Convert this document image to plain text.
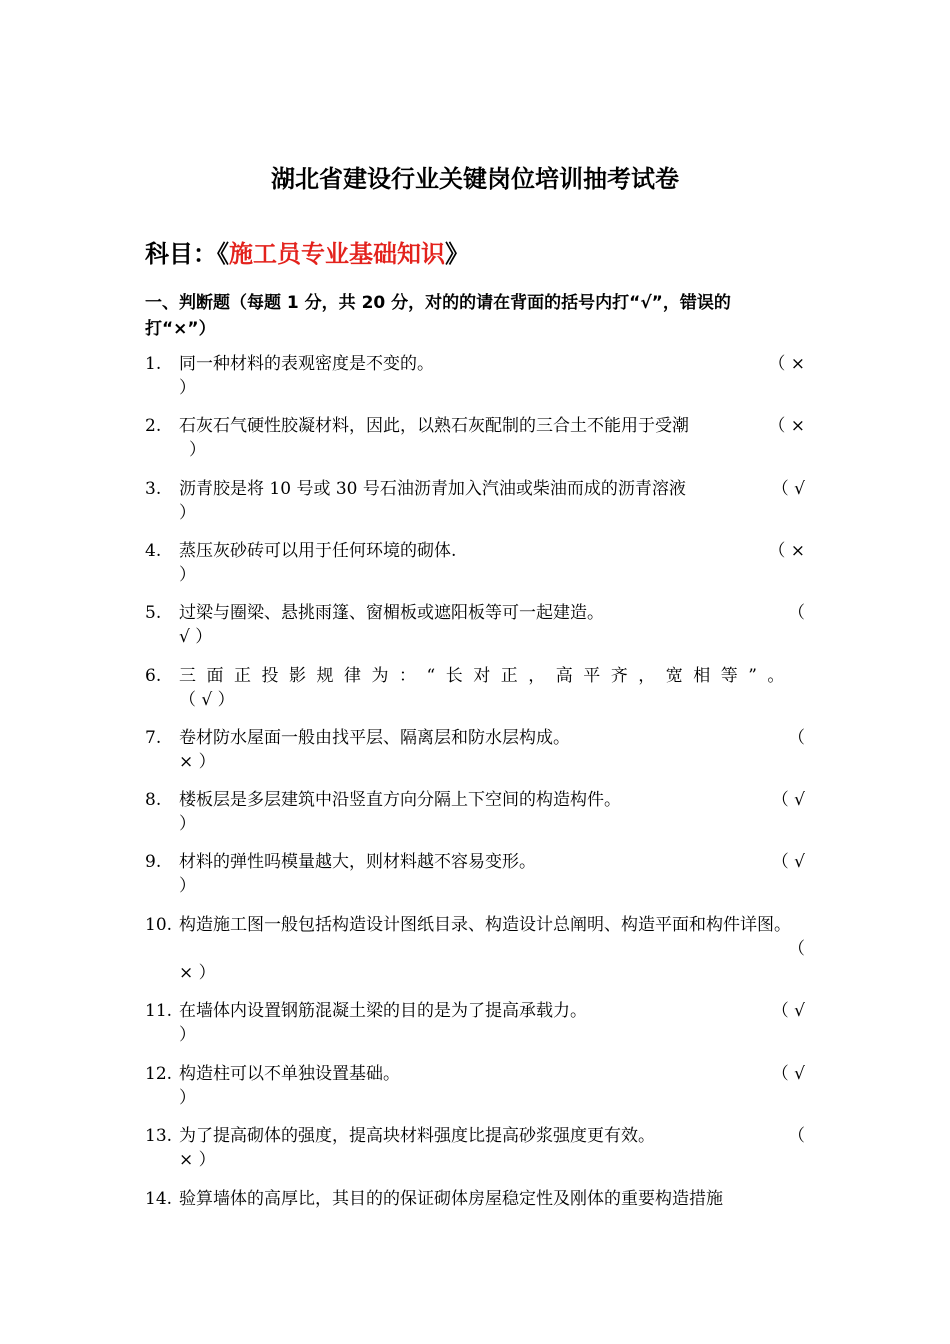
湖北省建设行业关键岗位培训抽考试卷
科目：《施工员专业基础知识》
一、判断题（每题 1 分，共 20 分，对的的请在背面的括号内打“√”，错误的
打“×”）
1. 同一种材料的表观密度是不变的。	（ ×
）
2. 石灰石气硬性胶凝材料，因此，以熟石灰配制的三合土不能用于受潮	（ ×
）
3. 沥青胶是将 10 号或 30 号石油沥青加入汽油或柴油而成的沥青溶液	（ √
）
4. 蒸压灰砂砖可以用于任何环境的砌体.	（ ×
）
5. 过梁与圈梁、悬挑雨篷、窗楣板或遮阳板等可一起建造。	（
√ ）
6. 三面正投影规律为：“长对正，高平齐，宽相等”。
（ √ ）
7. 卷材防水屋面一般由找平层、隔离层和防水层构成。	（
× ）
8. 楼板层是多层建筑中沿竖直方向分隔上下空间的构造构件。	（ √
）
9. 材料的弹性吗模量越大，则材料越不容易变形。	（ √
）
10. 构造施工图一般包括构造设计图纸目录、构造设计总阐明、构造平面和构件详图。
（
× ）
11. 在墙体内设置钢筋混凝土梁的目的是为了提高承载力。	（ √
）
12. 构造柱可以不单独设置基础。	（ √
）
13. 为了提高砌体的强度，提高块材料强度比提高砂浆强度更有效。	（
× ）
14. 验算墙体的高厚比，其目的的保证砌体房屋稳定性及刚体的重要构造措施
